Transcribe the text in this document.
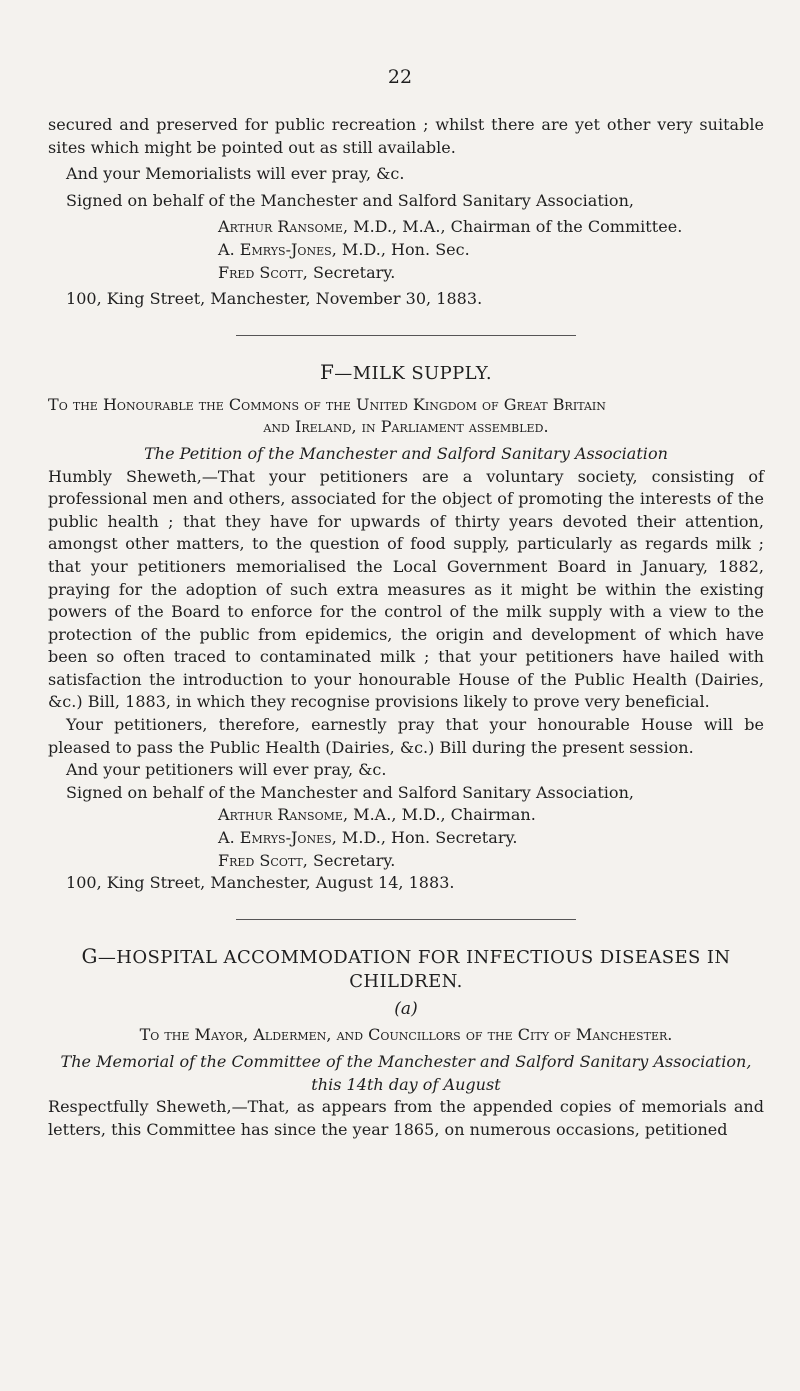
22

secured and preserved for public recreation ; whilst there are yet other very suitable sites which might be pointed out as still available.

And your Memorialists will ever pray, &c.

Signed on behalf of the Manchester and Salford Sanitary Association,

Arthur Ransome, M.D., M.A., Chairman of the Committee.

A. Emrys-Jones, M.D., Hon. Sec.

Fred Scott, Secretary.

100, King Street, Manchester, November 30, 1883.

F—MILK SUPPLY.

To the Honourable the Commons of the United Kingdom of Great Britain

and Ireland, in Parliament assembled.

The Petition of the Manchester and Salford Sanitary Association

Humbly Sheweth,—That your petitioners are a voluntary society, consisting of professional men and others, associated for the object of promoting the interests of the public health ; that they have for upwards of thirty years devoted their attention, amongst other matters, to the question of food supply, particularly as regards milk ; that your petitioners memorialised the Local Government Board in January, 1882, praying for the adoption of such extra measures as it might be within the existing powers of the Board to enforce for the control of the milk supply with a view to the protection of the public from epidemics, the origin and development of which have been so often traced to contaminated milk ; that your petitioners have hailed with satisfaction the introduction to your honourable House of the Public Health (Dairies, &c.) Bill, 1883, in which they recognise provisions likely to prove very beneficial.

Your petitioners, therefore, earnestly pray that your honourable House will be pleased to pass the Public Health (Dairies, &c.) Bill during the present session.

And your petitioners will ever pray, &c.

Signed on behalf of the Manchester and Salford Sanitary Association,

Arthur Ransome, M.A., M.D., Chairman.

A. Emrys-Jones, M.D., Hon. Secretary.

Fred Scott, Secretary.

100, King Street, Manchester, August 14, 1883.

G—HOSPITAL ACCOMMODATION FOR INFECTIOUS DISEASES IN

CHILDREN.

(a)

To the Mayor, Aldermen, and Councillors of the City of Manchester.

The Memorial of the Committee of the Manchester and Salford Sanitary Association,

this 14th day of August

Respectfully Sheweth,—That, as appears from the appended copies of memorials and letters, this Committee has since the year 1865, on numerous occasions, petitioned
